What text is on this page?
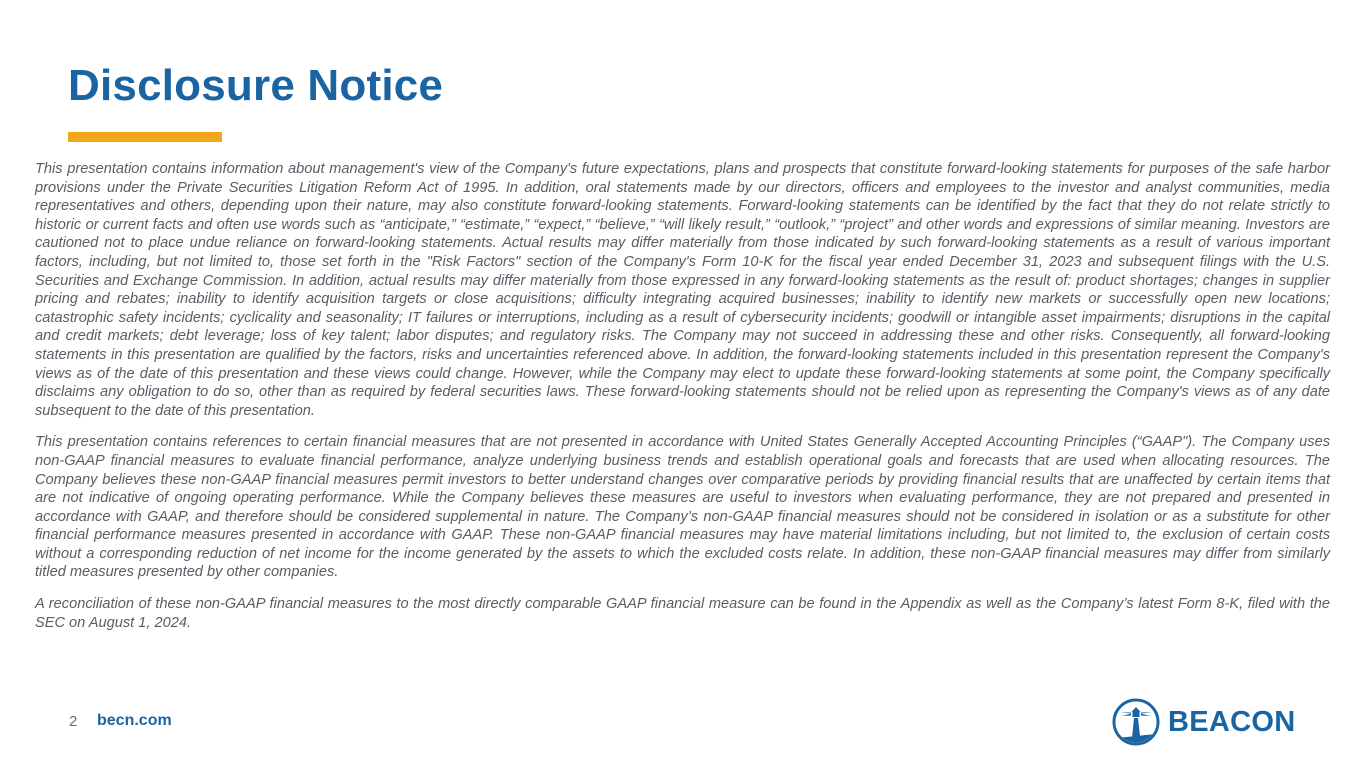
Disclosure Notice

This presentation contains information about management's view of the Company's future expectations, plans and prospects that constitute forward-looking statements for purposes of the safe harbor provisions under the Private Securities Litigation Reform Act of 1995. In addition, oral statements made by our directors, officers and employees to the investor and analyst communities, media representatives and others, depending upon their nature, may also constitute forward-looking statements. Forward-looking statements can be identified by the fact that they do not relate strictly to historic or current facts and often use words such as “anticipate,” “estimate,” “expect,” “believe,” “will likely result,” “outlook,” “project” and other words and expressions of similar meaning. Investors are cautioned not to place undue reliance on forward-looking statements. Actual results may differ materially from those indicated by such forward-looking statements as a result of various important factors, including, but not limited to, those set forth in the "Risk Factors" section of the Company's Form 10-K for the fiscal year ended December 31, 2023 and subsequent filings with the U.S. Securities and Exchange Commission. In addition, actual results may differ materially from those expressed in any forward-looking statements as the result of: product shortages; changes in supplier pricing and rebates; inability to identify acquisition targets or close acquisitions; difficulty integrating acquired businesses; inability to identify new markets or successfully open new locations; catastrophic safety incidents; cyclicality and seasonality; IT failures or interruptions, including as a result of cybersecurity incidents; goodwill or intangible asset impairments; disruptions in the capital and credit markets; debt leverage; loss of key talent; labor disputes; and regulatory risks. The Company may not succeed in addressing these and other risks. Consequently, all forward-looking statements in this presentation are qualified by the factors, risks and uncertainties referenced above. In addition, the forward-looking statements included in this presentation represent the Company's views as of the date of this presentation and these views could change. However, while the Company may elect to update these forward-looking statements at some point, the Company specifically disclaims any obligation to do so, other than as required by federal securities laws. These forward-looking statements should not be relied upon as representing the Company's views as of any date subsequent to the date of this presentation.

This presentation contains references to certain financial measures that are not presented in accordance with United States Generally Accepted Accounting Principles (“GAAP"). The Company uses non-GAAP financial measures to evaluate financial performance, analyze underlying business trends and establish operational goals and forecasts that are used when allocating resources. The Company believes these non-GAAP financial measures permit investors to better understand changes over comparative periods by providing financial results that are unaffected by certain items that are not indicative of ongoing operating performance. While the Company believes these measures are useful to investors when evaluating performance, they are not prepared and presented in accordance with GAAP, and therefore should be considered supplemental in nature. The Company’s non-GAAP financial measures should not be considered in isolation or as a substitute for other financial performance measures presented in accordance with GAAP. These non-GAAP financial measures may have material limitations including, but not limited to, the exclusion of certain costs without a corresponding reduction of net income for the income generated by the assets to which the excluded costs relate. In addition, these non-GAAP financial measures may differ from similarly titled measures presented by other companies.

A reconciliation of these non-GAAP financial measures to the most directly comparable GAAP financial measure can be found in the Appendix as well as the Company’s latest Form 8-K, filed with the SEC on August 1, 2024.

2 becn.com	BEACON
